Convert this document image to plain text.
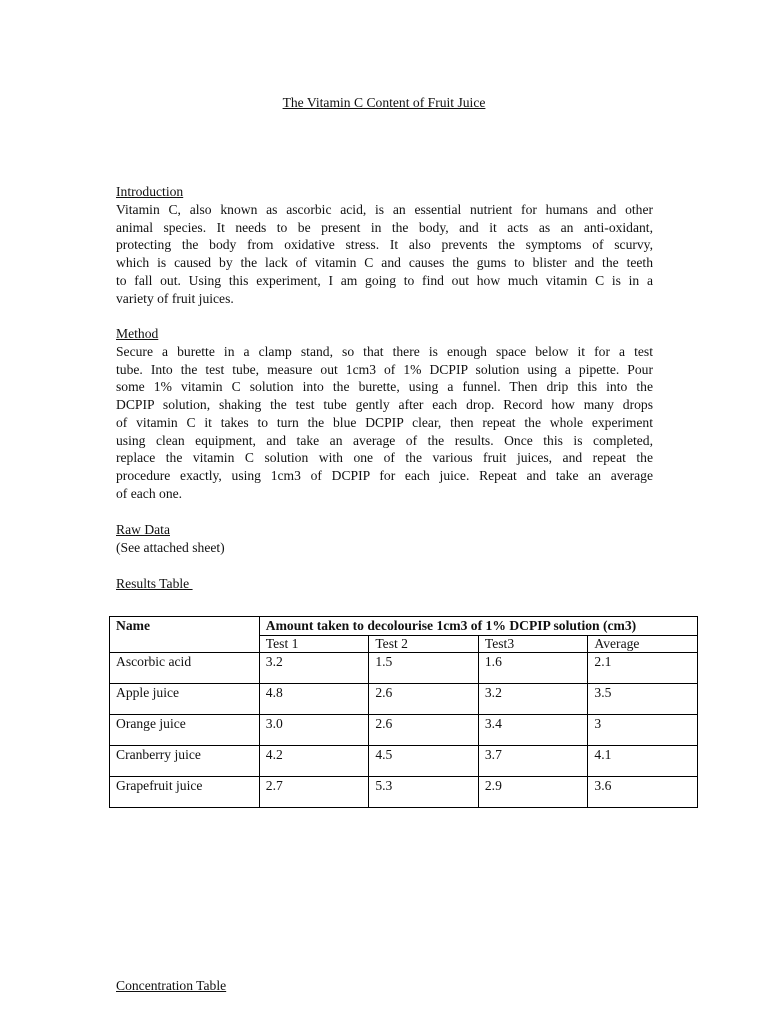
The Vitamin C Content of Fruit Juice
Introduction
Vitamin C, also known as ascorbic acid, is an essential nutrient for humans and other
animal species. It needs to be present in the body, and it acts as an anti-oxidant,
protecting the body from oxidative stress. It also prevents the symptoms of scurvy,
which is caused by the lack of vitamin C and causes the gums to blister and the teeth
to fall out. Using this experiment, I am going to find out how much vitamin C is in a
variety of fruit juices.
Method
Secure a burette in a clamp stand, so that there is enough space below it for a test
tube. Into the test tube, measure out 1cm3 of 1% DCPIP solution using a pipette. Pour
some 1% vitamin C solution into the burette, using a funnel. Then drip this into the
DCPIP solution, shaking the test tube gently after each drop. Record how many drops
of vitamin C it takes to turn the blue DCPIP clear, then repeat the whole experiment
using clean equipment, and take an average of the results. Once this is completed,
replace the vitamin C solution with one of the various fruit juices, and repeat the
procedure exactly, using 1cm3 of DCPIP for each juice. Repeat and take an average
of each one.
Raw Data
(See attached sheet)
Results Table
Name	Amount taken to decolourise 1cm3 of 1% DCPIP solution (cm3)			
	Test 1	Test 2	Test3	Average
Ascorbic acid	3.2	1.5	1.6	2.1
Apple juice	4.8	2.6	3.2	3.5
Orange juice	3.0	2.6	3.4	3
Cranberry juice	4.2	4.5	3.7	4.1
Grapefruit juice	2.7	5.3	2.9	3.6
Concentration Table
